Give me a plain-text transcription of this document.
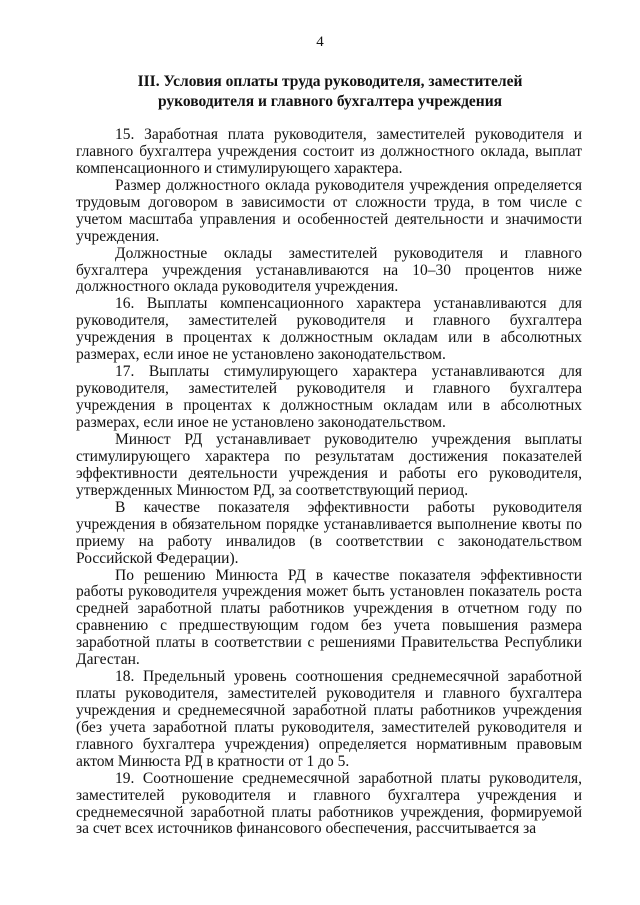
4
III. Условия оплаты труда руководителя, заместителей
руководителя и главного бухгалтера учреждения

15. Заработная плата руководителя, заместителей руководителя и главного бухгалтера учреждения состоит из должностного оклада, выплат компенсационного и стимулирующего характера.

Размер должностного оклада руководителя учреждения определяется трудовым договором в зависимости от сложности труда, в том числе с учетом масштаба управления и особенностей деятельности и значимости учреждения.

Должностные оклады заместителей руководителя и главного бухгалтера учреждения устанавливаются на 10–30 процентов ниже должностного оклада руководителя учреждения.

16. Выплаты компенсационного характера устанавливаются для руководителя, заместителей руководителя и главного бухгалтера учреждения в процентах к должностным окладам или в абсолютных размерах, если иное не установлено законодательством.

17. Выплаты стимулирующего характера устанавливаются для руководителя, заместителей руководителя и главного бухгалтера учреждения в процентах к должностным окладам или в абсолютных размерах, если иное не установлено законодательством.

Минюст РД устанавливает руководителю учреждения выплаты стимулирующего характера по результатам достижения показателей эффективности деятельности учреждения и работы его руководителя, утвержденных Минюстом РД, за соответствующий период.

В качестве показателя эффективности работы руководителя учреждения в обязательном порядке устанавливается выполнение квоты по приему на работу инвалидов (в соответствии с законодательством Российской Федерации).

По решению Минюста РД в качестве показателя эффективности работы руководителя учреждения может быть установлен показатель роста средней заработной платы работников учреждения в отчетном году по сравнению с предшествующим годом без учета повышения размера заработной платы в соответствии с решениями Правительства Республики Дагестан.

18. Предельный уровень соотношения среднемесячной заработной платы руководителя, заместителей руководителя и главного бухгалтера учреждения и среднемесячной заработной платы работников учреждения (без учета заработной платы руководителя, заместителей руководителя и главного бухгалтера учреждения) определяется нормативным правовым актом Минюста РД в кратности от 1 до 5.

19. Соотношение среднемесячной заработной платы руководителя, заместителей руководителя и главного бухгалтера учреждения и среднемесячной заработной платы работников учреждения, формируемой за счет всех источников финансового обеспечения, рассчитывается за
